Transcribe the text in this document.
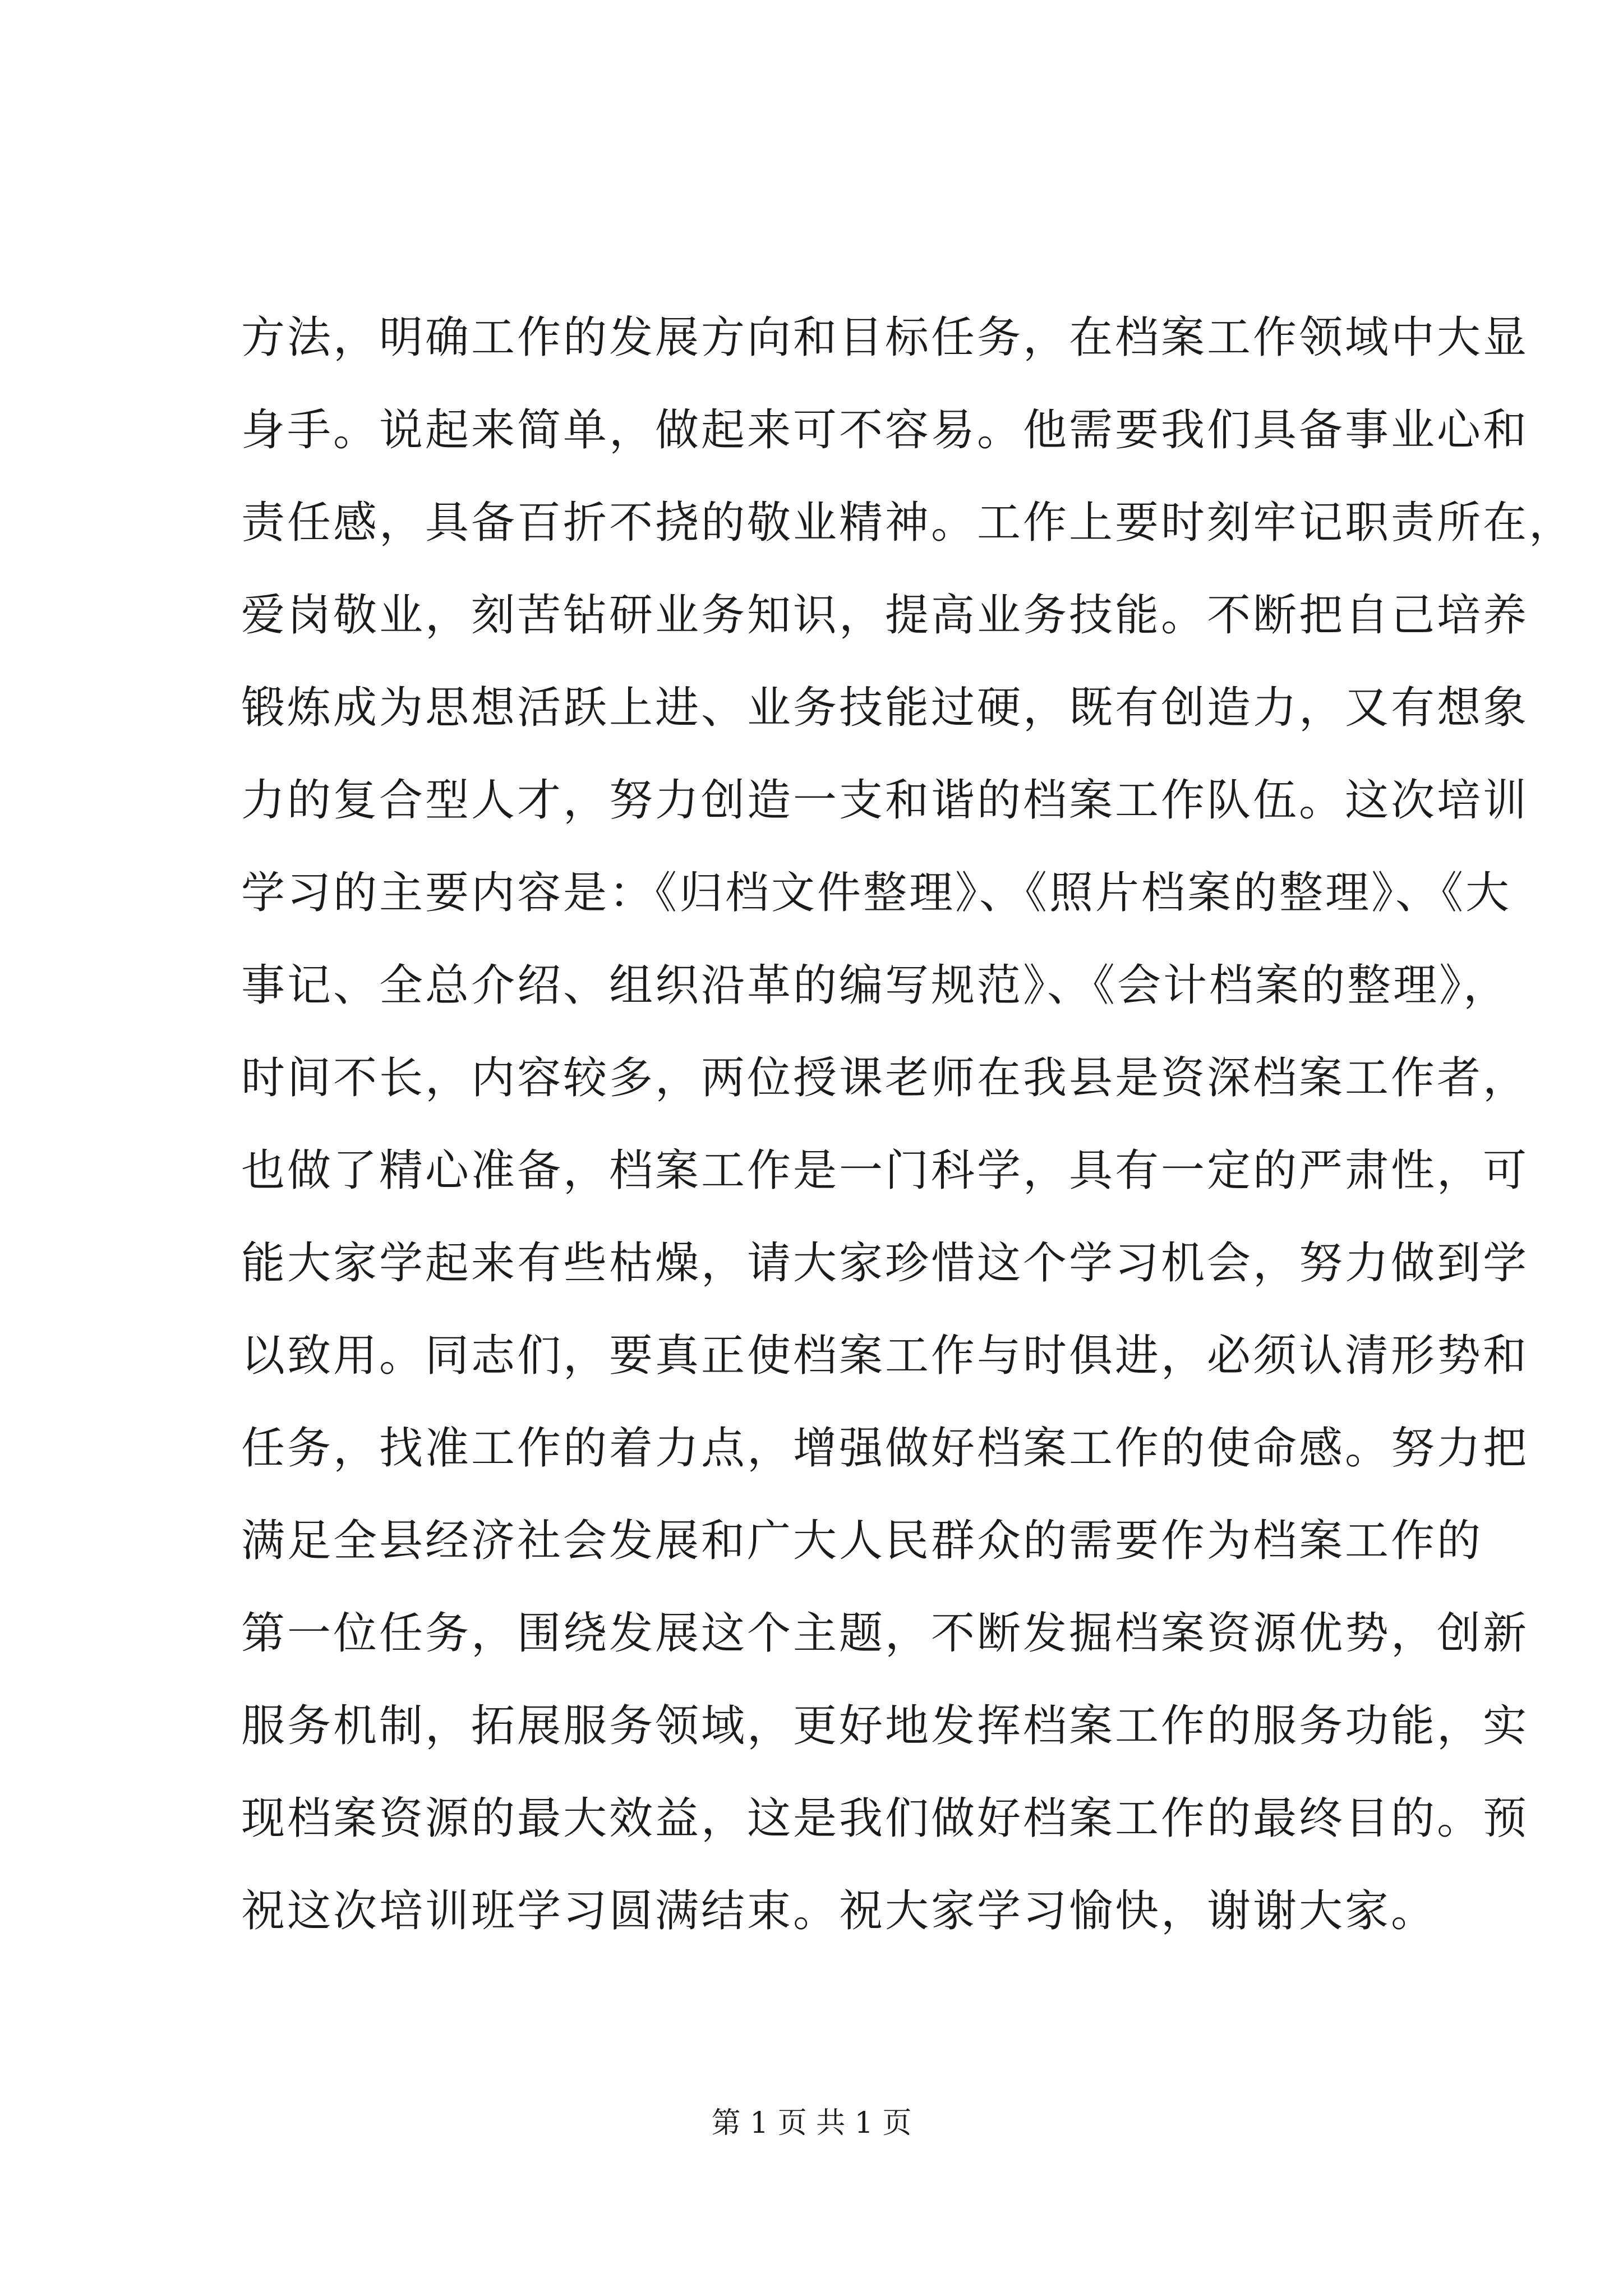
方法，明确工作的发展方向和目标任务，在档案工作领域中大显
身手。说起来简单，做起来可不容易。他需要我们具备事业心和
责任感，具备百折不挠的敬业精神。工作上要时刻牢记职责所在，
爱岗敬业，刻苦钻研业务知识，提高业务技能。不断把自己培养
锻炼成为思想活跃上进、业务技能过硬，既有创造力，又有想象
力的复合型人才，努力创造一支和谐的档案工作队伍。这次培训
学习的主要内容是：《归档文件整理》、《照片档案的整理》、《大
事记、全总介绍、组织沿革的编写规范》、《会计档案的整理》，
时间不长，内容较多，两位授课老师在我县是资深档案工作者，
也做了精心准备，档案工作是一门科学，具有一定的严肃性，可
能大家学起来有些枯燥，请大家珍惜这个学习机会，努力做到学
以致用。同志们，要真正使档案工作与时俱进，必须认清形势和
任务，找准工作的着力点，增强做好档案工作的使命感。努力把
满足全县经济社会发展和广大人民群众的需要作为档案工作的
第一位任务，围绕发展这个主题，不断发掘档案资源优势，创新
服务机制，拓展服务领域，更好地发挥档案工作的服务功能，实
现档案资源的最大效益，这是我们做好档案工作的最终目的。预
祝这次培训班学习圆满结束。祝大家学习愉快，谢谢大家。
第 1 页 共 1 页
